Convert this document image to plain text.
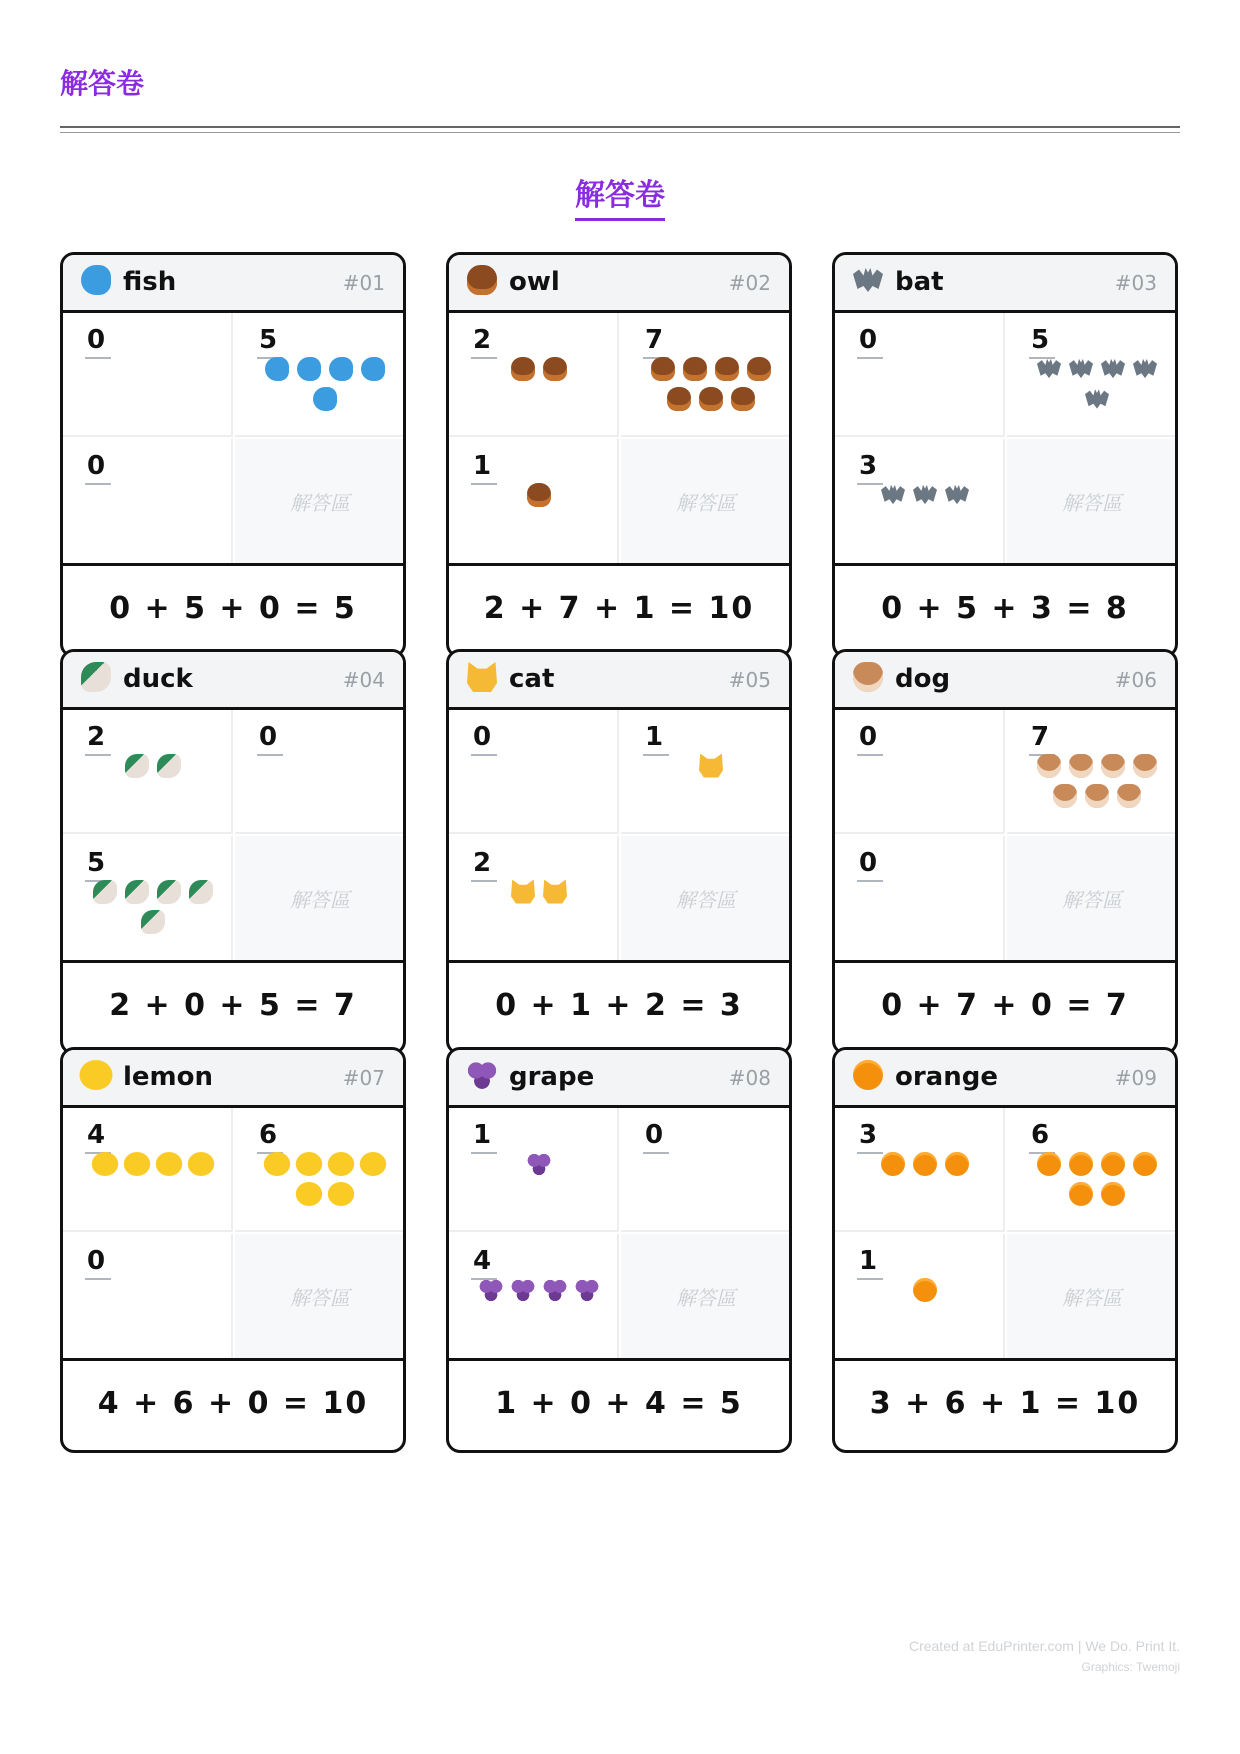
解答卷
解答卷
fish	#01
0	5
0
解答區
0 + 5 + 0 = 5
owl	#02
2	7
1
解答區
2 + 7 + 1 = 10
bat	#03
0	5
3
解答區
0 + 5 + 3 = 8
duck	#04
2	0
5
解答區
2 + 0 + 5 = 7
cat	#05
0	1
2
解答區
0 + 1 + 2 = 3
dog	#06
0	7
0
解答區
0 + 7 + 0 = 7
lemon	#07
4	6
0
解答區
4 + 6 + 0 = 10
grape	#08
1	0
4
解答區
1 + 0 + 4 = 5
orange	#09
3	6
1
解答區
3 + 6 + 1 = 10
Created at EduPrinter.com | We Do. Print It.
Graphics: Twemoji
